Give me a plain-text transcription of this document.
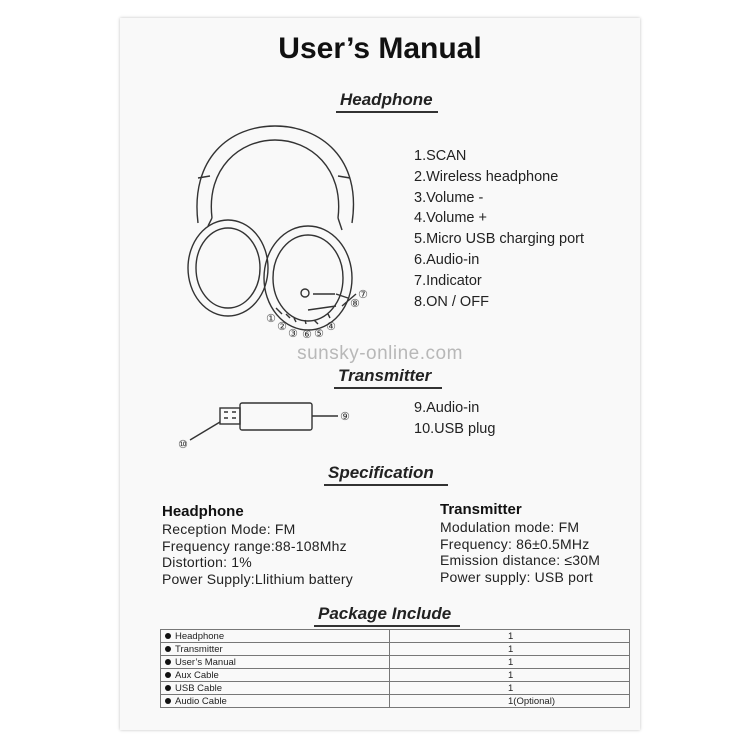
User’s Manual
Headphone
①
②
③ ⑥
④
⑤
⑧
⑦
1.SCAN
2.Wireless headphone
3.Volume -
4.Volume +
5.Micro USB charging port
6.Audio-in
7.Indicator
8.ON / OFF
sunsky-online.com
Transmitter
⑨
⑩
9.Audio-in
10.USB plug
Specification
Headphone
Reception Mode: FM
Frequency range:88-108Mhz
Distortion: 1%
Power Supply:Llithium battery
Transmitter
Modulation mode: FM
Frequency: 86±0.5MHz
Emission distance: ≤30M
Power supply: USB port
Package Include
Headphone	1
Transmitter	1
User’s Manual	1
Aux Cable	1
USB Cable	1
Audio Cable	1(Optional)
